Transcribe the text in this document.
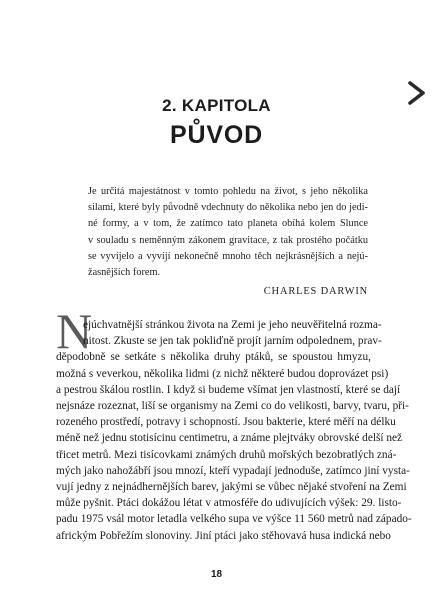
2. KAPITOLA
PŮVOD
Je určitá majestátnost v tomto pohledu na život, s jeho několika
silami, které byly původně vdechnuty do několika nebo jen do jedi-
né formy, a v tom, že zatímco tato planeta obíhá kolem Slunce
v souladu s neměnným zákonem gravitace, z tak prostého počátku
se vyvíjelo a vyvíjí nekonečně mnoho těch nejkrásnějších a nejú-
žasnějších forem.
CHARLES DARWIN
N
ejúchvatnější stránkou života na Zemi je jeho neuvěřitelná rozma-
nitost. Zkuste se jen tak pokliďně projít jarním odpolednem, prav-
děpodobně se setkáte s několika druhy ptáků, se spoustou hmyzu,
možná s veverkou, několika lidmi (z nichž některé budou doprovázet psi)
a pestrou škálou rostlin. I když si budeme všímat jen vlastností, které se dají
nejsnáze rozeznat, liší se organismy na Zemi co do velikosti, barvy, tvaru, při-
rozeného prostředí, potravy i schopností. Jsou bakterie, které měří na délku
méně než jednu stotisícinu centimetru, a známe plejtváky obrovské delší než
třicet metrů. Mezi tisícovkami známých druhů mořských bezobratlých zná-
mých jako nahožábří jsou mnozí, kteří vypadají jednoduše, zatímco jiní vysta-
vují jedny z nejnádhernějších barev, jakými se vůbec nějaké stvoření na Zemi
může pyšnit. Ptáci dokážou létat v atmosféře do udivujících výšek: 29. listo-
padu 1975 vsál motor letadla velkého supa ve výšce 11 560 metrů nad západo-
africkým Pobřežím slonoviny. Jiní ptáci jako stěhovavá husa indická nebo
18
